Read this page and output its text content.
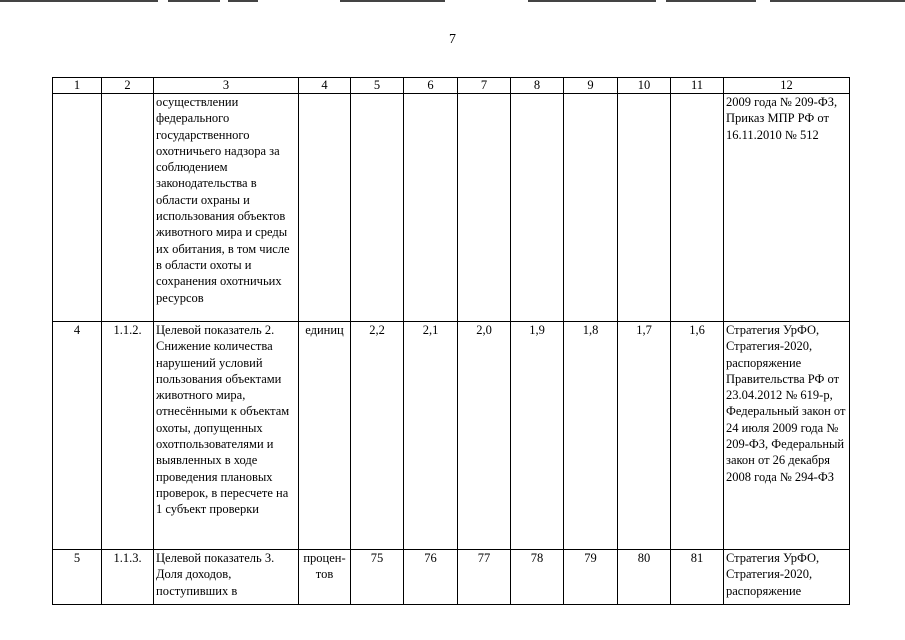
7
1	2	3	4	5	6	7	8	9	10	11	12
		осуществлении федерального государственного охотничьего надзора за соблюдением законодательства в области охраны и использования объектов животного мира и среды их обитания, в том числе в области охоты и сохранения охотничьих ресурсов									2009 года № 209-ФЗ, Приказ МПР РФ от 16.11.2010 № 512
4	1.1.2.	Целевой показатель 2. Снижение количества нарушений условий пользования объектами животного мира, отнесёнными к объектам охоты, допущенных охотпользователями и выявленных в ходе проведения плановых проверок, в пересчете на 1 субъект проверки	единиц	2,2	2,1	2,0	1,9	1,8	1,7	1,6	Стратегия УрФО, Стратегия-2020, распоряжение Правительства РФ от 23.04.2012 № 619-р, Федеральный закон от 24 июля 2009 года № 209-ФЗ, Федеральный закон от 26 декабря 2008 года № 294-ФЗ
5	1.1.3.	Целевой показатель 3. Доля доходов, поступивших в	процен-тов	75	76	77	78	79	80	81	Стратегия УрФО, Стратегия-2020, распоряжение
